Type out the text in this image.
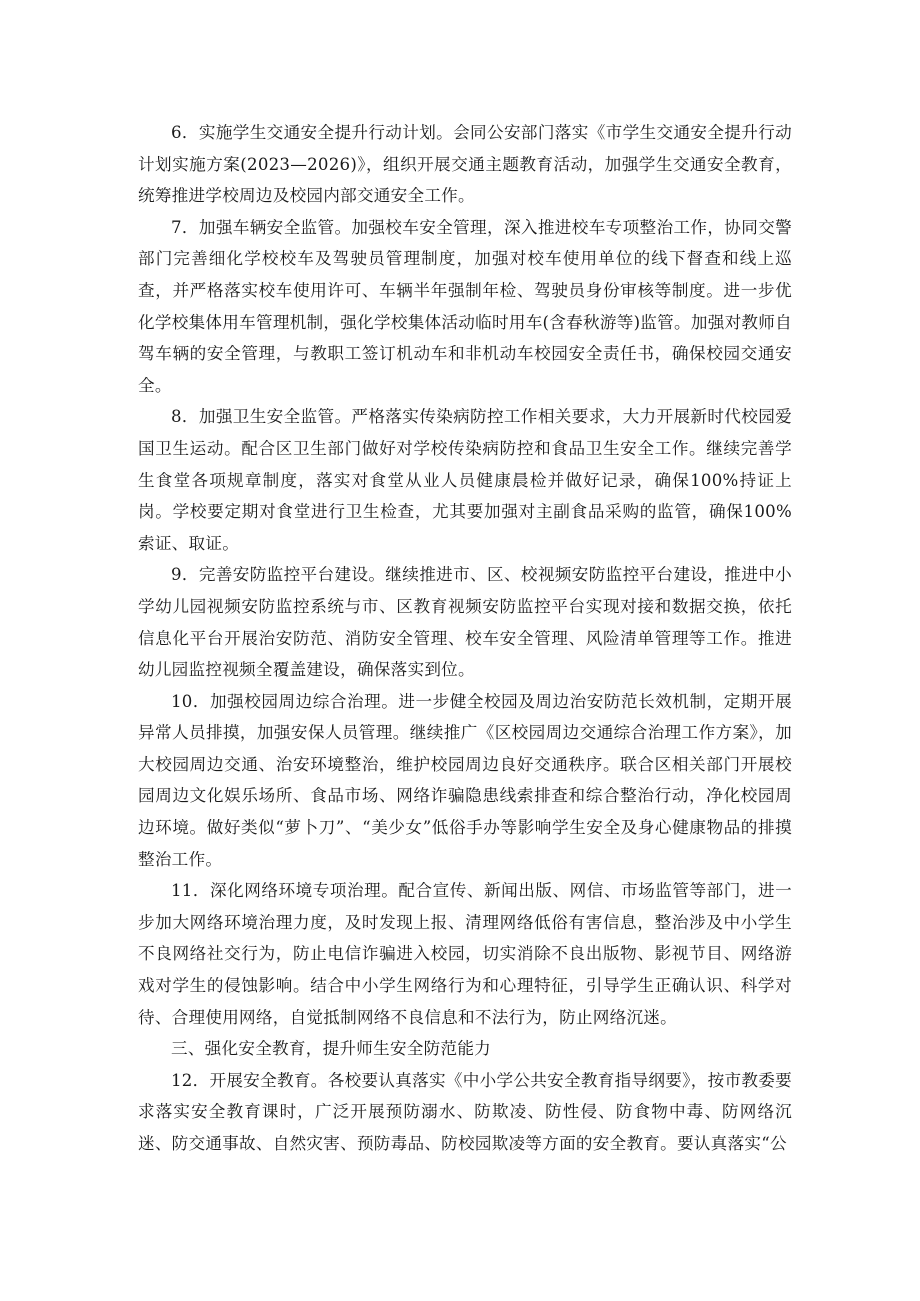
6．实施学生交通安全提升行动计划。会同公安部门落实《市学生交通安全提升行动计划实施方案(2023—2026)》，组织开展交通主题教育活动，加强学生交通安全教育，统筹推进学校周边及校园内部交通安全工作。

7．加强车辆安全监管。加强校车安全管理，深入推进校车专项整治工作，协同交警部门完善细化学校校车及驾驶员管理制度，加强对校车使用单位的线下督查和线上巡查，并严格落实校车使用许可、车辆半年强制年检、驾驶员身份审核等制度。进一步优化学校集体用车管理机制，强化学校集体活动临时用车(含春秋游等)监管。加强对教师自驾车辆的安全管理，与教职工签订机动车和非机动车校园安全责任书，确保校园交通安全。

8．加强卫生安全监管。严格落实传染病防控工作相关要求，大力开展新时代校园爱国卫生运动。配合区卫生部门做好对学校传染病防控和食品卫生安全工作。继续完善学生食堂各项规章制度，落实对食堂从业人员健康晨检并做好记录，确保100%持证上岗。学校要定期对食堂进行卫生检查，尤其要加强对主副食品采购的监管，确保100%索证、取证。

9．完善安防监控平台建设。继续推进市、区、校视频安防监控平台建设，推进中小学幼儿园视频安防监控系统与市、区教育视频安防监控平台实现对接和数据交换，依托信息化平台开展治安防范、消防安全管理、校车安全管理、风险清单管理等工作。推进幼儿园监控视频全覆盖建设，确保落实到位。

10．加强校园周边综合治理。进一步健全校园及周边治安防范长效机制，定期开展异常人员排摸，加强安保人员管理。继续推广《区校园周边交通综合治理工作方案》，加大校园周边交通、治安环境整治，维护校园周边良好交通秩序。联合区相关部门开展校园周边文化娱乐场所、食品市场、网络诈骗隐患线索排查和综合整治行动，净化校园周边环境。做好类似“萝卜刀”、“美少女”低俗手办等影响学生安全及身心健康物品的排摸整治工作。

11．深化网络环境专项治理。配合宣传、新闻出版、网信、市场监管等部门，进一步加大网络环境治理力度，及时发现上报、清理网络低俗有害信息，整治涉及中小学生不良网络社交行为，防止电信诈骗进入校园，切实消除不良出版物、影视节目、网络游戏对学生的侵蚀影响。结合中小学生网络行为和心理特征，引导学生正确认识、科学对待、合理使用网络，自觉抵制网络不良信息和不法行为，防止网络沉迷。

三、强化安全教育，提升师生安全防范能力

12．开展安全教育。各校要认真落实《中小学公共安全教育指导纲要》，按市教委要求落实安全教育课时，广泛开展预防溺水、防欺凌、防性侵、防食物中毒、防网络沉迷、防交通事故、自然灾害、预防毒品、防校园欺凌等方面的安全教育。要认真落实“公
